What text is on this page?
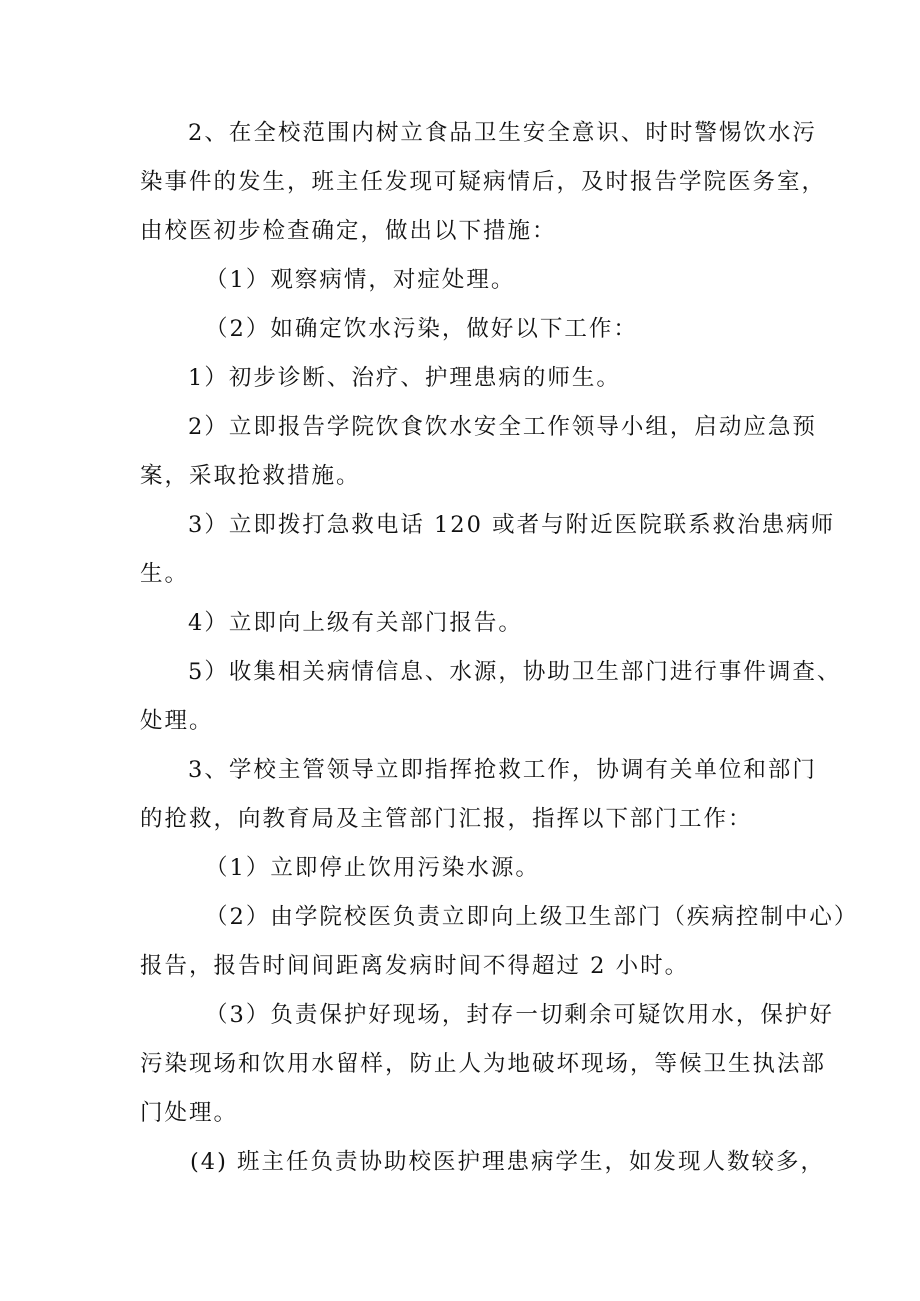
2、在全校范围内树立食品卫生安全意识、时时警惕饮水污
染事件的发生，班主任发现可疑病情后，及时报告学院医务室，
由校医初步检查确定，做出以下措施：
（1）观察病情，对症处理。
（2）如确定饮水污染，做好以下工作：
1）初步诊断、治疗、护理患病的师生。
2）立即报告学院饮食饮水安全工作领导小组，启动应急预
案，采取抢救措施。
3）立即拨打急救电话 120 或者与附近医院联系救治患病师
生。
4）立即向上级有关部门报告。
5）收集相关病情信息、水源，协助卫生部门进行事件调查、
处理。
3、学校主管领导立即指挥抢救工作，协调有关单位和部门
的抢救，向教育局及主管部门汇报，指挥以下部门工作：
（1）立即停止饮用污染水源。
（2）由学院校医负责立即向上级卫生部门（疾病控制中心）
报告，报告时间间距离发病时间不得超过 2 小时。
（3）负责保护好现场，封存一切剩余可疑饮用水，保护好
污染现场和饮用水留样，防止人为地破坏现场，等候卫生执法部
门处理。
(4) 班主任负责协助校医护理患病学生，如发现人数较多，
